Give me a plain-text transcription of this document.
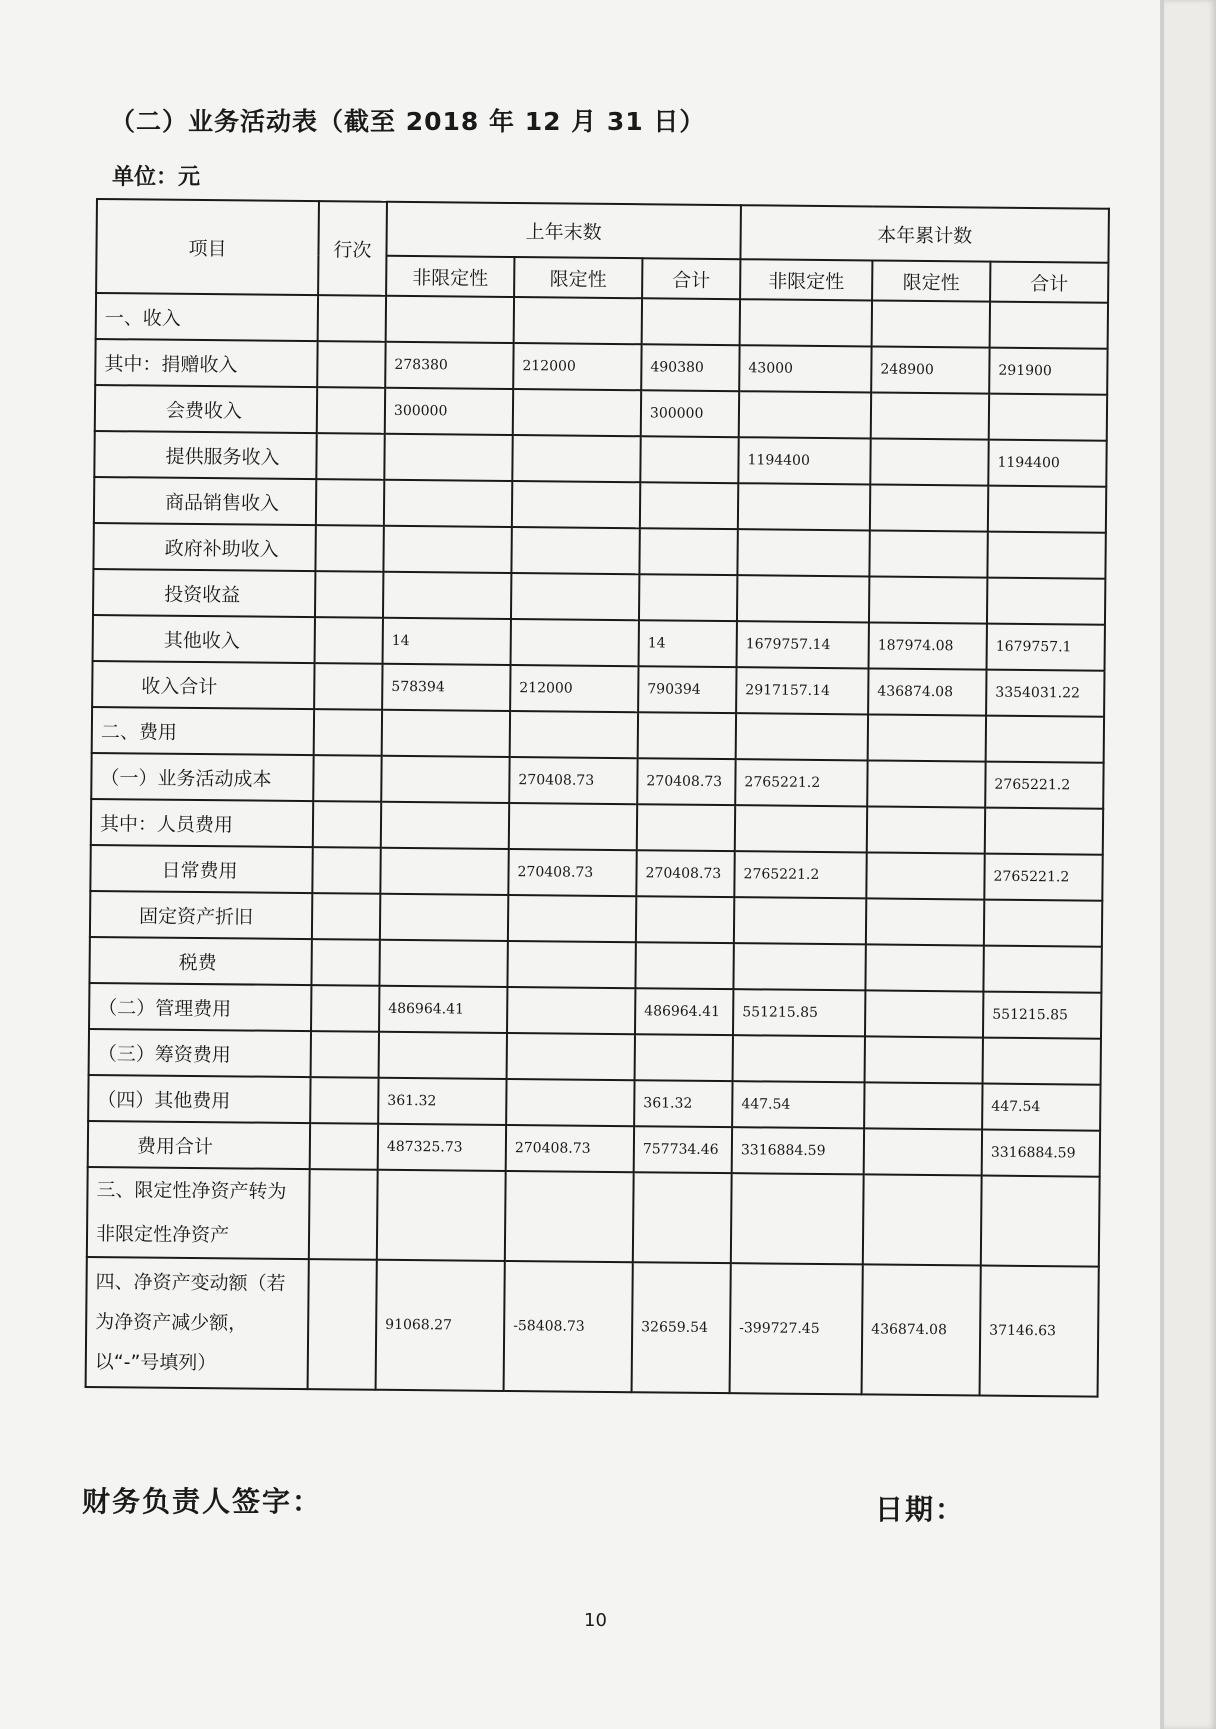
（二）业务活动表（截至 2018 年 12 月 31 日）
单位：元
项目	行次	上年末数			本年累计数		
		非限定性	限定性	合计	非限定性	限定性	合计
一、收入							
其中：捐赠收入		278380	212000	490380	43000	248900	291900
会费收入		300000		300000			
提供服务收入					1194400		1194400
商品销售收入							
政府补助收入							
投资收益							
其他收入		14		14	1679757.14	187974.08	1679757.1
收入合计		578394	212000	790394	2917157.14	436874.08	3354031.22
二、费用							
（一）业务活动成本			270408.73	270408.73	2765221.2		2765221.2
其中：人员费用							
日常费用			270408.73	270408.73	2765221.2		2765221.2
固定资产折旧							
税费							
（二）管理费用		486964.41		486964.41	551215.85		551215.85
（三）筹资费用							
（四）其他费用		361.32		361.32	447.54		447.54
费用合计		487325.73	270408.73	757734.46	3316884.59		3316884.59
三、限定性净资产转为非限定性净资产							
四、净资产变动额（若为净资产减少额，以“-”号填列）		91068.27	-58408.73	32659.54	-399727.45	436874.08	37146.63
财务负责人签字：	日期：
10
